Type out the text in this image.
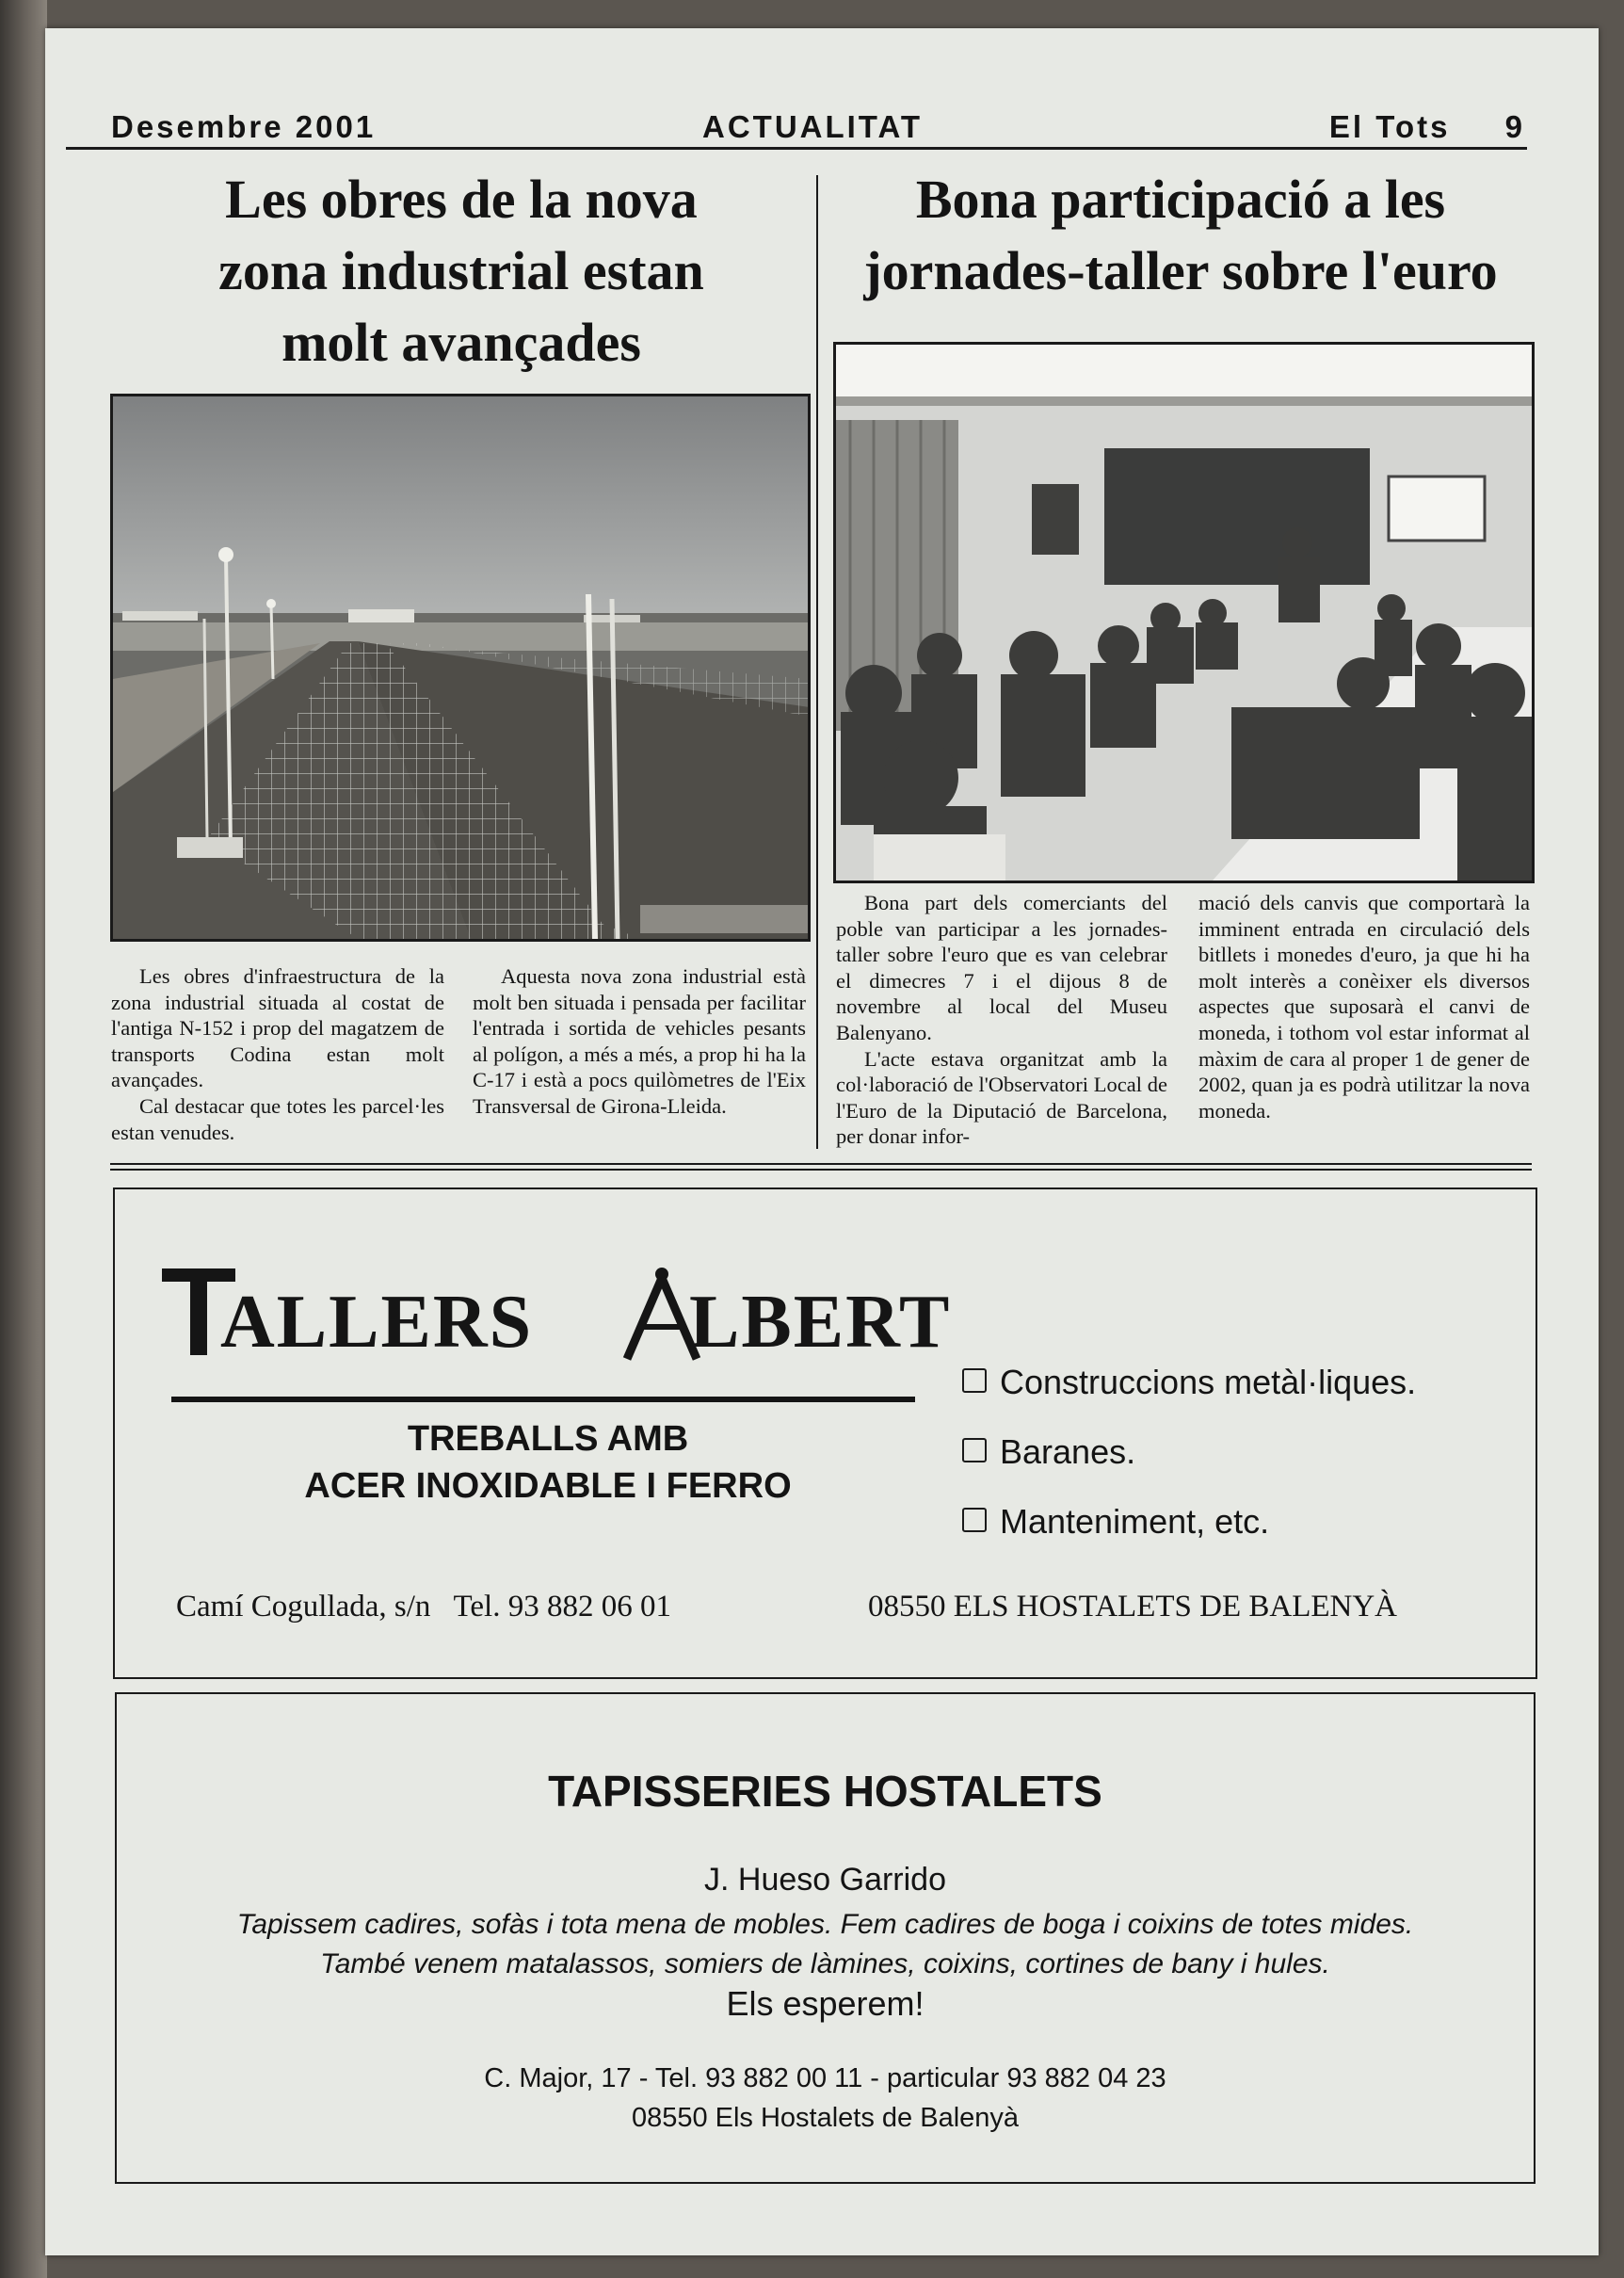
Desembre 2001	ACTUALITAT	El Tots 9
Les obres de la nova
zona industrial estan
molt avançades
Bona participació a les
jornades-taller sobre l'euro

Les obres d'infraestructura de la zona industrial situada al costat de l'antiga N-152 i prop del magatzem de transports Codina estan molt avançades.

Cal destacar que totes les parcel·les estan venudes.

Aquesta nova zona industrial està molt ben situada i pensada per facilitar l'entrada i sortida de vehicles pesants al polígon, a més a més, a prop hi ha la C-17 i està a pocs quilòmetres de l'Eix Transversal de Girona-Lleida.

Bona part dels comerciants del poble van participar a les jornades-taller sobre l'euro que es van celebrar el dimecres 7 i el dijous 8 de novembre al local del Museu Balenyano.

L'acte estava organitzat amb la col·laboració de l'Observatori Local de l'Euro de la Diputació de Barcelona, per donar infor-

mació dels canvis que comportarà la imminent entrada en circulació dels bitllets i monedes d'euro, ja que hi ha molt interès a conèixer els diversos aspectes que suposarà el canvi de moneda, i tothom vol estar informat al màxim de cara al proper 1 de gener de 2002, quan ja es podrà utilitzar la nova moneda.

ALLERS LBERT
TREBALLS AMB
ACER INOXIDABLE I FERRO
Construccions metàl·liques.
Baranes.
Manteniment, etc.
Camí Cogullada, s/n   Tel. 93 882 06 01	08550 ELS HOSTALETS DE BALENYÀ
TAPISSERIES HOSTALETS
J. Hueso Garrido
Tapissem cadires, sofàs i tota mena de mobles. Fem cadires de boga i coixins de totes mides.
També venem matalassos, somiers de làmines, coixins, cortines de bany i hules.
Els esperem!
C. Major, 17 - Tel. 93 882 00 11 - particular 93 882 04 23
08550 Els Hostalets de Balenyà
